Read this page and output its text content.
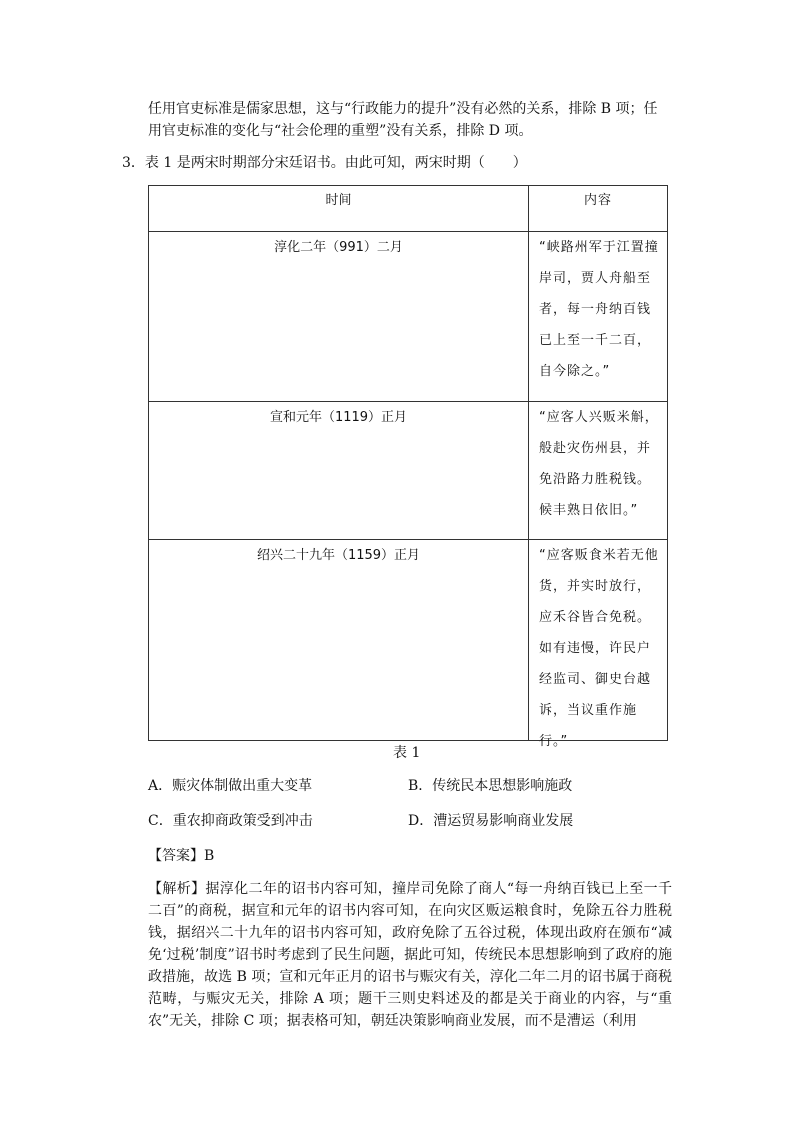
任用官吏标准是儒家思想，这与“行政能力的提升”没有必然的关系，排除 B 项；任用官吏标准的变化与“社会伦理的重塑”没有关系，排除 D 项。
3．表 1 是两宋时期部分宋廷诏书。由此可知，两宋时期（　　）
时间	内容
淳化二年（991）二月	“峡路州军于江置撞岸司，贾人舟船至者，每一舟纳百钱已上至一千二百，自今除之。”
宣和元年（1119）正月	“应客人兴贩米斛，般赴灾伤州县，并免沿路力胜税钱。候丰熟日依旧。”
绍兴二十九年（1159）正月	“应客贩食米若无他货，并实时放行，应禾谷皆合免税。如有违慢，许民户经监司、御史台越诉，当议重作施行。”
表 1
A．赈灾体制做出重大变革	B．传统民本思想影响施政
C．重农抑商政策受到冲击	D．漕运贸易影响商业发展
【答案】B
【解析】据淳化二年的诏书内容可知，撞岸司免除了商人“每一舟纳百钱已上至一千二百”的商税，据宣和元年的诏书内容可知，在向灾区贩运粮食时，免除五谷力胜税钱，据绍兴二十九年的诏书内容可知，政府免除了五谷过税，体现出政府在颁布“减免‘过税’制度”诏书时考虑到了民生问题，据此可知，传统民本思想影响到了政府的施政措施，故选 B 项；宣和元年正月的诏书与赈灾有关，淳化二年二月的诏书属于商税范畴，与赈灾无关，排除 A 项；题干三则史料述及的都是关于商业的内容，与“重农”无关，排除 C 项；据表格可知，朝廷决策影响商业发展，而不是漕运（利用
